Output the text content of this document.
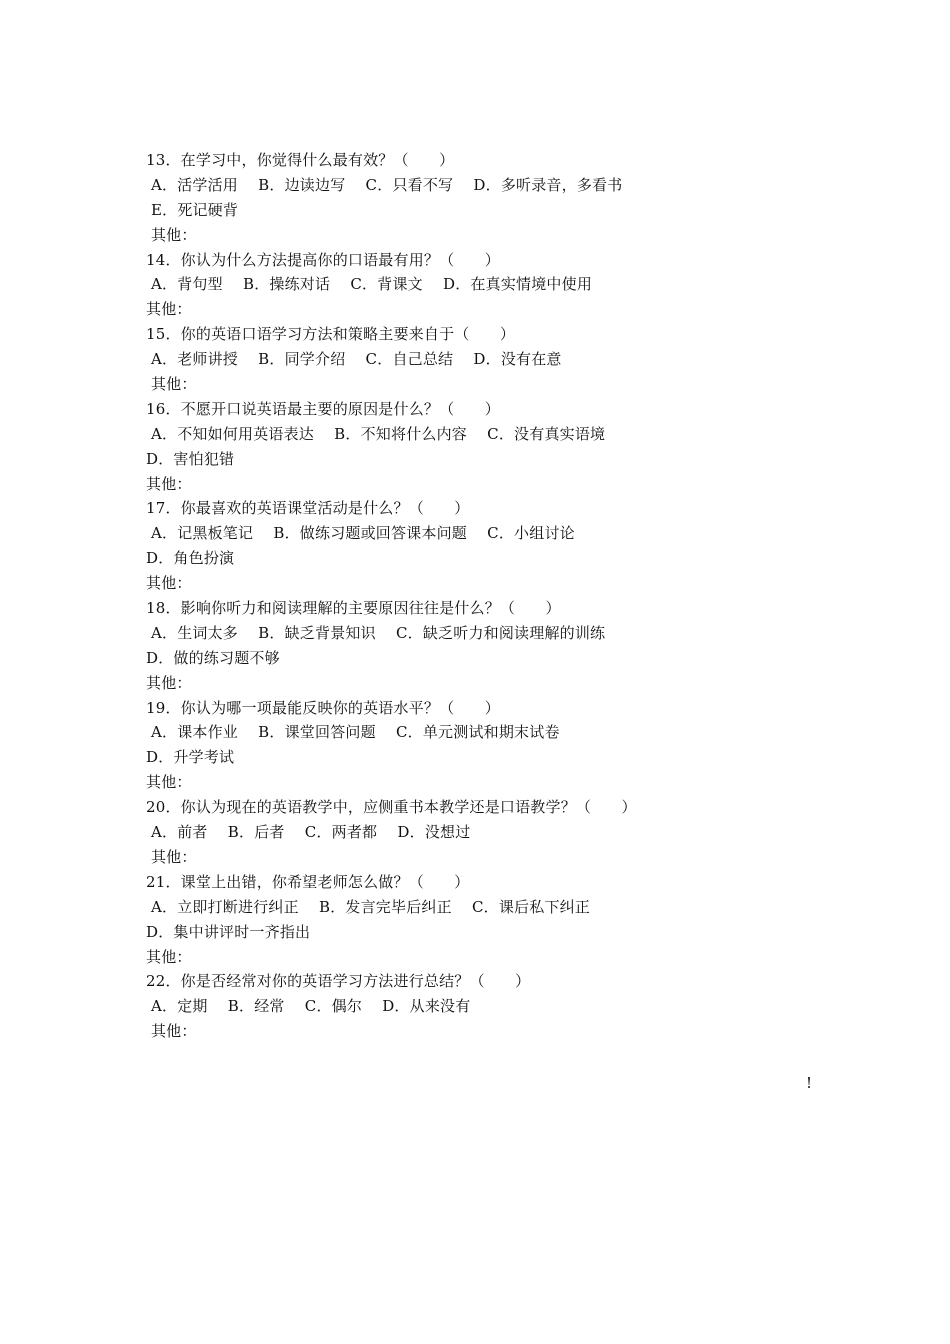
13．在学习中，你觉得什么最有效？（　　）
A．活学活用　 B．边读边写　 C．只看不写　 D．多听录音，多看书
E．死记硬背
其他：
14．你认为什么方法提高你的口语最有用？（　　）
A．背句型　 B．操练对话　 C．背课文　 D．在真实情境中使用
其他：
15．你的英语口语学习方法和策略主要来自于（　　）
A．老师讲授　 B．同学介绍　 C．自己总结　 D．没有在意
其他：
16．不愿开口说英语最主要的原因是什么？（　　）
A．不知如何用英语表达　 B．不知将什么内容　 C．没有真实语境
D．害怕犯错
其他：
17．你最喜欢的英语课堂活动是什么？（　　）
A．记黑板笔记　 B．做练习题或回答课本问题　 C．小组讨论
D．角色扮演
其他：
18．影响你听力和阅读理解的主要原因往往是什么？（　　）
A．生词太多　 B．缺乏背景知识　 C．缺乏听力和阅读理解的训练
D．做的练习题不够
其他：
19．你认为哪一项最能反映你的英语水平？（　　）
A．课本作业　 B．课堂回答问题　 C．单元测试和期末试卷
D．升学考试
其他：
20．你认为现在的英语教学中，应侧重书本教学还是口语教学？（　　）
A．前者　 B．后者　 C．两者都　 D．没想过
其他：
21．课堂上出错，你希望老师怎么做？（　　）
A．立即打断进行纠正　 B．发言完毕后纠正　 C．课后私下纠正
D．集中讲评时一齐指出
其他：
22．你是否经常对你的英语学习方法进行总结？（　　）
A．定期　 B．经常　 C．偶尔　 D．从来没有
其他：
!
